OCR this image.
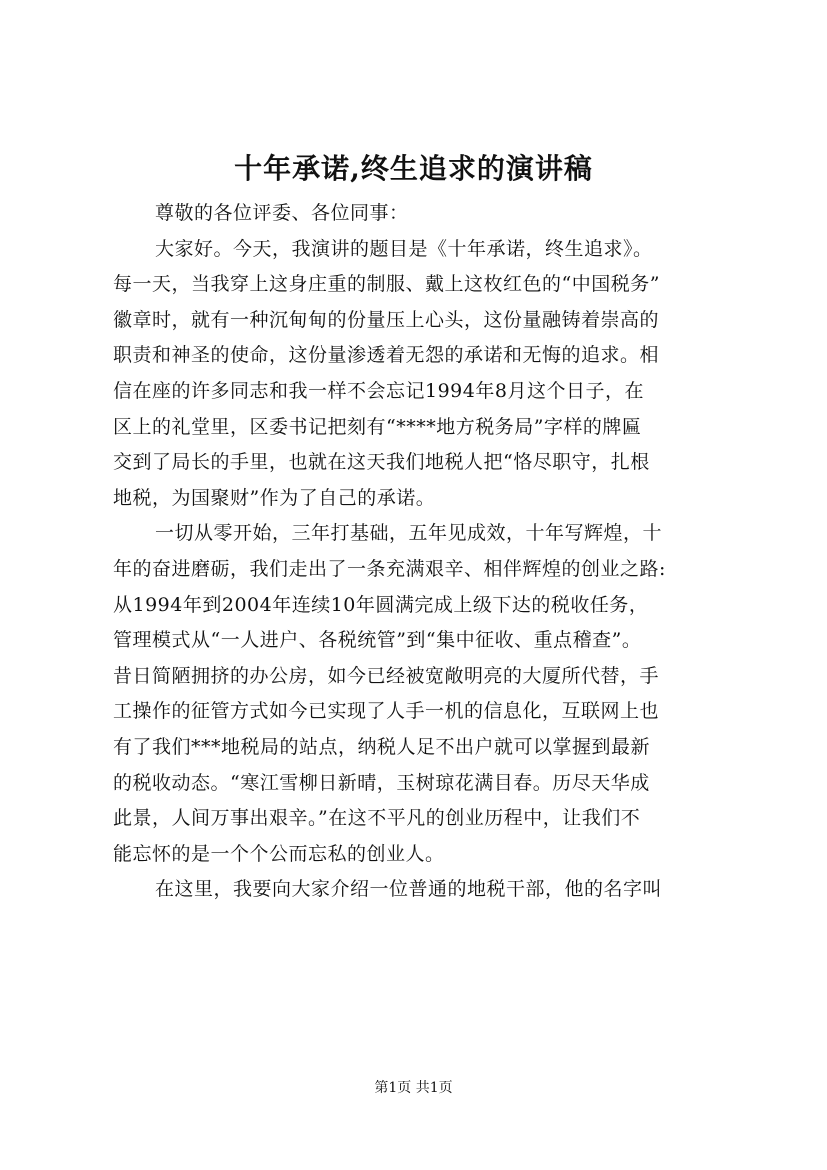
十年承诺,终生追求的演讲稿
尊敬的各位评委、各位同事：
大家好。今天，我演讲的题目是《十年承诺，终生追求》。
每一天，当我穿上这身庄重的制服、戴上这枚红色的“中国税务”
徽章时，就有一种沉甸甸的份量压上心头，这份量融铸着崇高的
职责和神圣的使命，这份量渗透着无怨的承诺和无悔的追求。相
信在座的许多同志和我一样不会忘记1994年8月这个日子，在
区上的礼堂里，区委书记把刻有“****地方税务局”字样的牌匾
交到了局长的手里，也就在这天我们地税人把“恪尽职守，扎根
地税，为国聚财”作为了自己的承诺。
一切从零开始，三年打基础，五年见成效，十年写辉煌，十
年的奋进磨砺，我们走出了一条充满艰辛、相伴辉煌的创业之路:
从1994年到2004年连续10年圆满完成上级下达的税收任务，
管理模式从“一人进户、各税统管”到“集中征收、重点稽查”。
昔日简陋拥挤的办公房，如今已经被宽敞明亮的大厦所代替，手
工操作的征管方式如今已实现了人手一机的信息化，互联网上也
有了我们***地税局的站点，纳税人足不出户就可以掌握到最新
的税收动态。“寒江雪柳日新晴，玉树琼花满目春。历尽天华成
此景，人间万事出艰辛。”在这不平凡的创业历程中，让我们不
能忘怀的是一个个公而忘私的创业人。
在这里，我要向大家介绍一位普通的地税干部，他的名字叫
第1页 共1页
